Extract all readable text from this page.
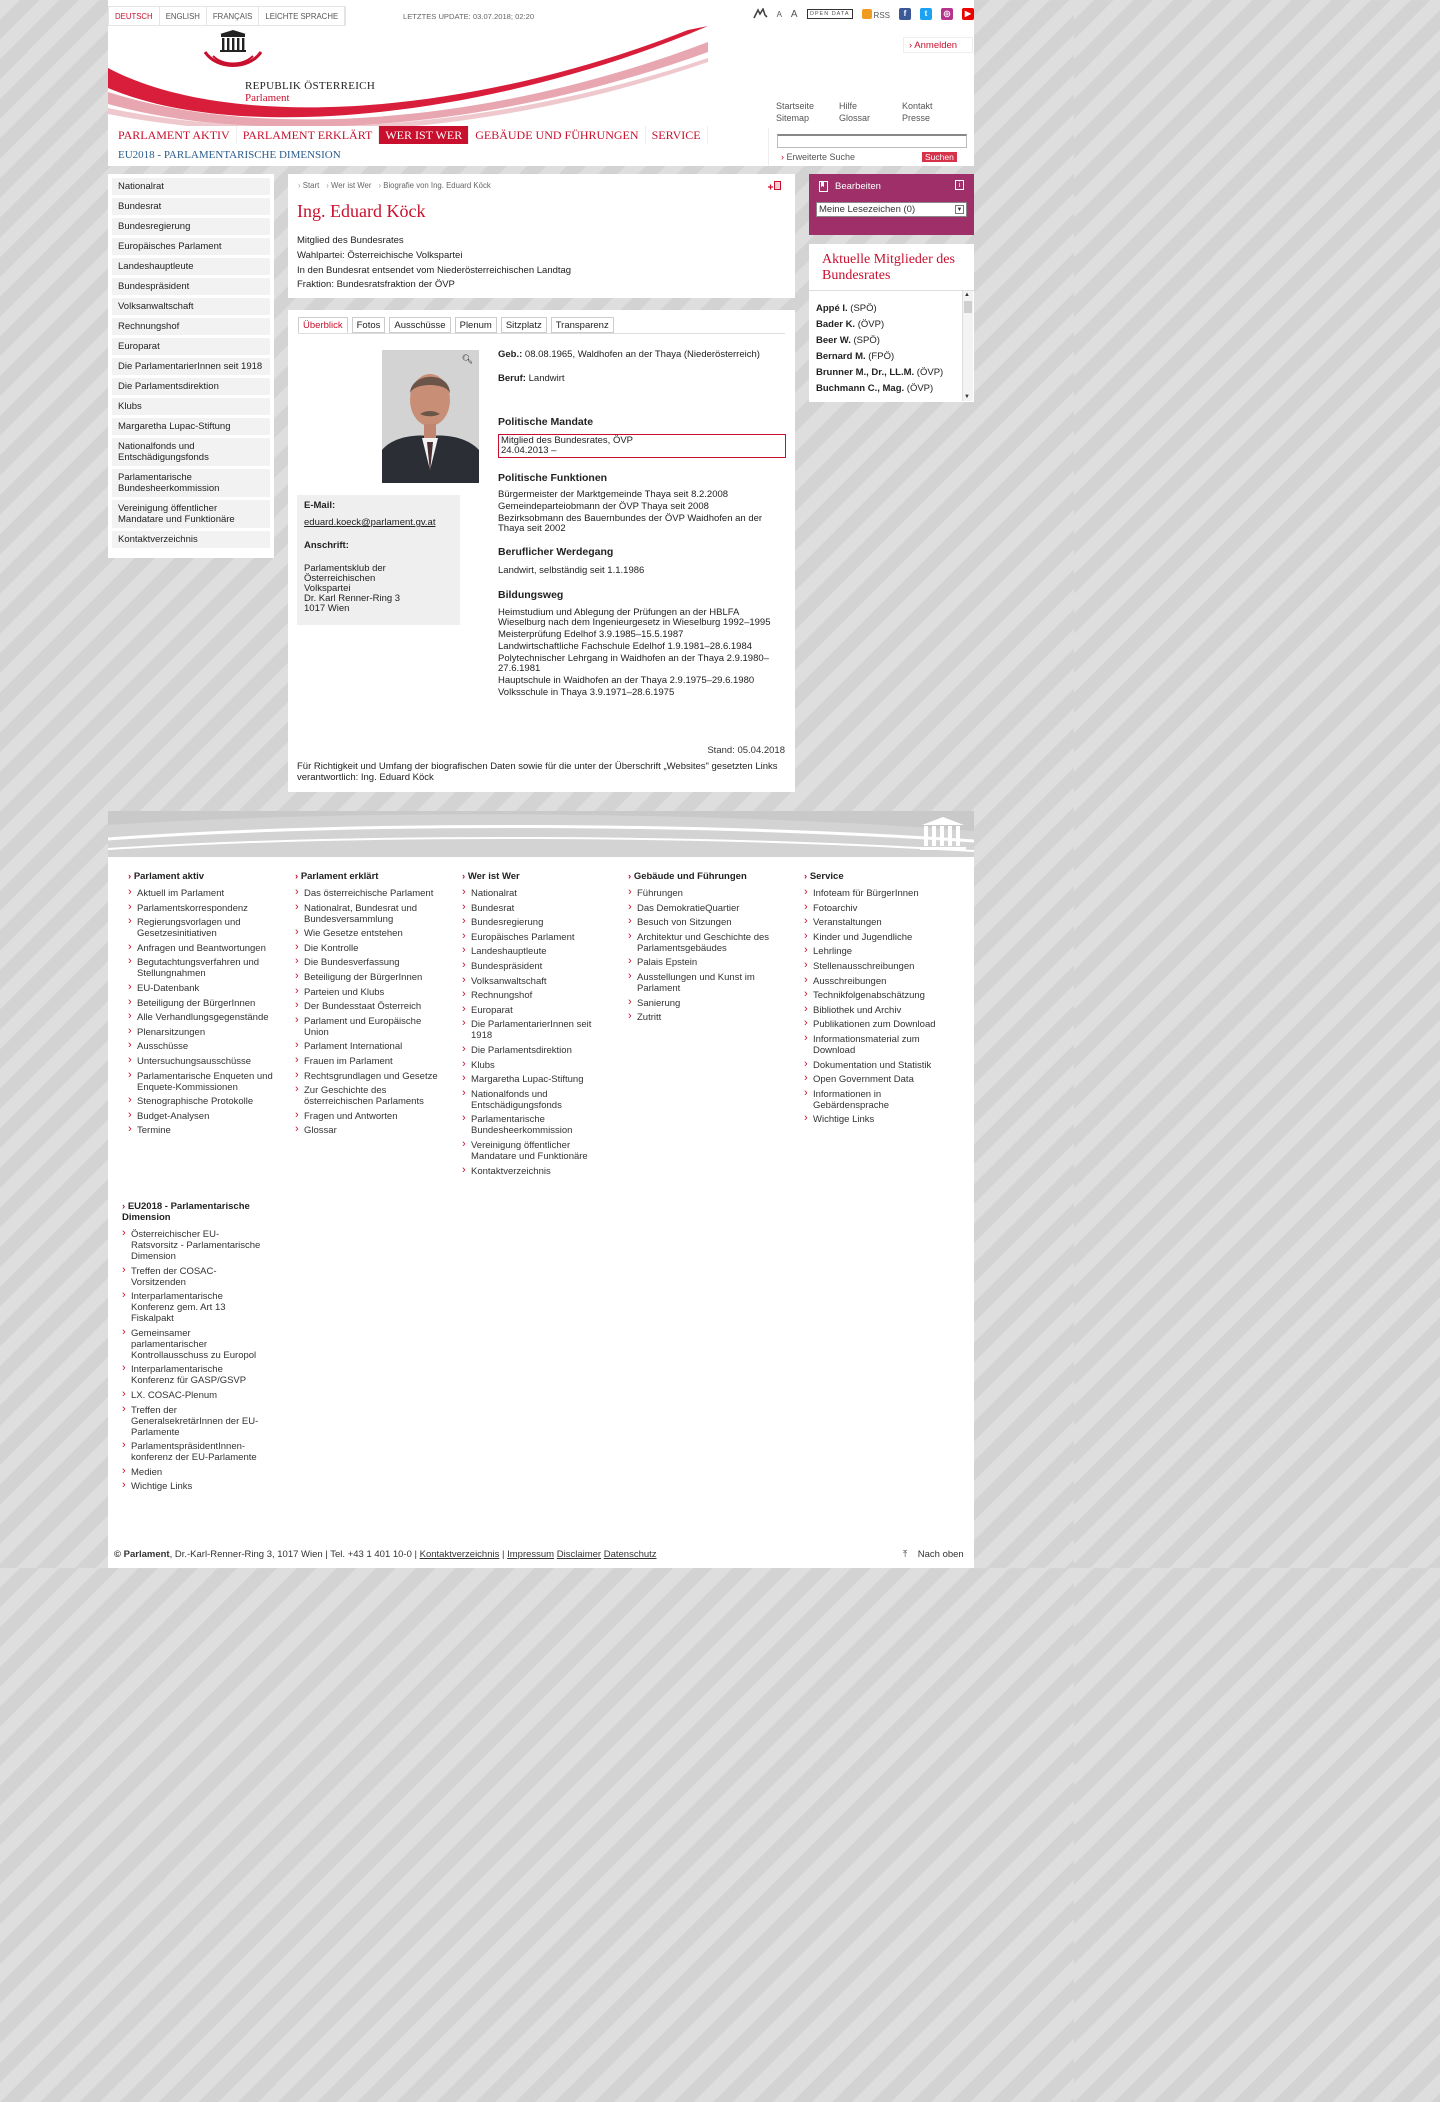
DEUTSCH	ENGLISH	FRANÇAIS	LEICHTE SPRACHE	LETZTES UPDATE: 03.07.2018; 02:20	A A	OPEN DATA	RSS	f	t	◎	▶
REPUBLIK ÖSTERREICH
Parlament
› Anmelden
Startseite
Sitemap
Hilfe
Glossar
Kontakt
Presse
PARLAMENT AKTIV	PARLAMENT ERKLÄRT	WER IST WER	GEBÄUDE UND FÜHRUNGEN	SERVICE
EU2018 - PARLAMENTARISCHE DIMENSION	› Erweiterte Suche	Suchen
Nationalrat
Bundesrat
Bundesregierung
Europäisches Parlament
Landeshauptleute
Bundespräsident
Volksanwaltschaft
Rechnungshof
Europarat
Die ParlamentarierInnen seit 1918
Die Parlamentsdirektion
Klubs
Margaretha Lupac-Stiftung
Nationalfonds und Entschädigungsfonds
Parlamentarische Bundesheerkommission
Vereinigung öffentlicher Mandatare und Funktionäre
Kontaktverzeichnis
› Start › Wer ist Wer › Biografie von Ing. Eduard Köck
Ing. Eduard Köck
Mitglied des Bundesrates
Wahlpartei: Österreichische Volkspartei
In den Bundesrat entsendet vom Niederösterreichischen Landtag
Fraktion: Bundesratsfraktion der ÖVP
Überblick	Fotos	Ausschüsse	Plenum	Sitzplatz	Transparenz
🔍︎
E-Mail:
eduard.koeck@parlament.gv.at
Anschrift:
Parlamentsklub der Österreichischen
Volkspartei
Dr. Karl Renner-Ring 3
1017 Wien

Geb.: 08.08.1965, Waldhofen an der Thaya (Niederösterreich)

Beruf: Landwirt

Politische Mandate
Mitglied des Bundesrates, ÖVP
24.04.2013 –
Politische Funktionen

Bürgermeister der Marktgemeinde Thaya seit 8.2.2008

Gemeindeparteiobmann der ÖVP Thaya seit 2008

Bezirksobmann des Bauernbundes der ÖVP Waidhofen an der Thaya seit 2002

Beruflicher Werdegang

Landwirt, selbständig seit 1.1.1986

Bildungsweg

Heimstudium und Ablegung der Prüfungen an der HBLFA Wieselburg nach dem Ingenieurgesetz in Wieselburg 1992–1995

Meisterprüfung Edelhof 3.9.1985–15.5.1987

Landwirtschaftliche Fachschule Edelhof 1.9.1981–28.6.1984

Polytechnischer Lehrgang in Waidhofen an der Thaya 2.9.1980–27.6.1981

Hauptschule in Waidhofen an der Thaya 2.9.1975–29.6.1980

Volksschule in Thaya 3.9.1971–28.6.1975

Stand: 05.04.2018
Für Richtigkeit und Umfang der biografischen Daten sowie für die unter der Überschrift „Websites" gesetzten Links verantwortlich: Ing. Eduard Köck
Bearbeiten	i
Meine Lesezeichen (0)	▼
Aktuelle Mitglieder des Bundesrates
Appé I. (SPÖ)
Bader K. (ÖVP)
Beer W. (SPÖ)
Bernard M. (FPÖ)
Brunner M., Dr., LL.M. (ÖVP)
Buchmann C., Mag. (ÖVP)
▲
▼
› Parlament aktiv
› Aktuell im Parlament
› Parlamentskorrespondenz
› Regierungsvorlagen und Gesetzesinitiativen
› Anfragen und Beantwortungen
› Begutachtungsverfahren und Stellungnahmen
› EU-Datenbank
› Beteiligung der BürgerInnen
› Alle Verhandlungsgegenstände
› Plenarsitzungen
› Ausschüsse
› Untersuchungsausschüsse
› Parlamentarische Enqueten und Enquete-Kommissionen
› Stenographische Protokolle
› Budget-Analysen
› Termine
› Parlament erklärt
› Das österreichische Parlament
› Nationalrat, Bundesrat und Bundesversammlung
› Wie Gesetze entstehen
› Die Kontrolle
› Die Bundesverfassung
› Beteiligung der BürgerInnen
› Parteien und Klubs
› Der Bundesstaat Österreich
› Parlament und Europäische Union
› Parlament International
› Frauen im Parlament
› Rechtsgrundlagen und Gesetze
› Zur Geschichte des österreichischen Parlaments
› Fragen und Antworten
› Glossar
› Wer ist Wer
› Nationalrat
› Bundesrat
› Bundesregierung
› Europäisches Parlament
› Landeshauptleute
› Bundespräsident
› Volksanwaltschaft
› Rechnungshof
› Europarat
› Die ParlamentarierInnen seit 1918
› Die Parlamentsdirektion
› Klubs
› Margaretha Lupac-Stiftung
› Nationalfonds und Entschädigungsfonds
› Parlamentarische Bundesheerkommission
› Vereinigung öffentlicher Mandatare und Funktionäre
› Kontaktverzeichnis
› Gebäude und Führungen
› Führungen
› Das DemokratieQuartier
› Besuch von Sitzungen
› Architektur und Geschichte des Parlamentsgebäudes
› Palais Epstein
› Ausstellungen und Kunst im Parlament
› Sanierung
› Zutritt
› Service
› Infoteam für BürgerInnen
› Fotoarchiv
› Veranstaltungen
› Kinder und Jugendliche
› Lehrlinge
› Stellenausschreibungen
› Ausschreibungen
› Technikfolgenabschätzung
› Bibliothek und Archiv
› Publikationen zum Download
› Informationsmaterial zum Download
› Dokumentation und Statistik
› Open Government Data
› Informationen in Gebärdensprache
› Wichtige Links
› EU2018 - Parlamentarische Dimension
› Österreichischer EU-Ratsvorsitz - Parlamentarische Dimension
› Treffen der COSAC-Vorsitzenden
› Interparlamentarische Konferenz gem. Art 13 Fiskalpakt
› Gemeinsamer parlamentarischer Kontrollausschuss zu Europol
› Interparlamentarische Konferenz für GASP/GSVP
› LX. COSAC-Plenum
› Treffen der GeneralsekretärInnen der EU-Parlamente
› ParlamentspräsidentInnen-konferenz der EU-Parlamente
› Medien
› Wichtige Links
© Parlament, Dr.-Karl-Renner-Ring 3, 1017 Wien | Tel. +43 1 401 10-0 | Kontaktverzeichnis | Impressum Disclaimer Datenschutz	⤒ Nach oben
